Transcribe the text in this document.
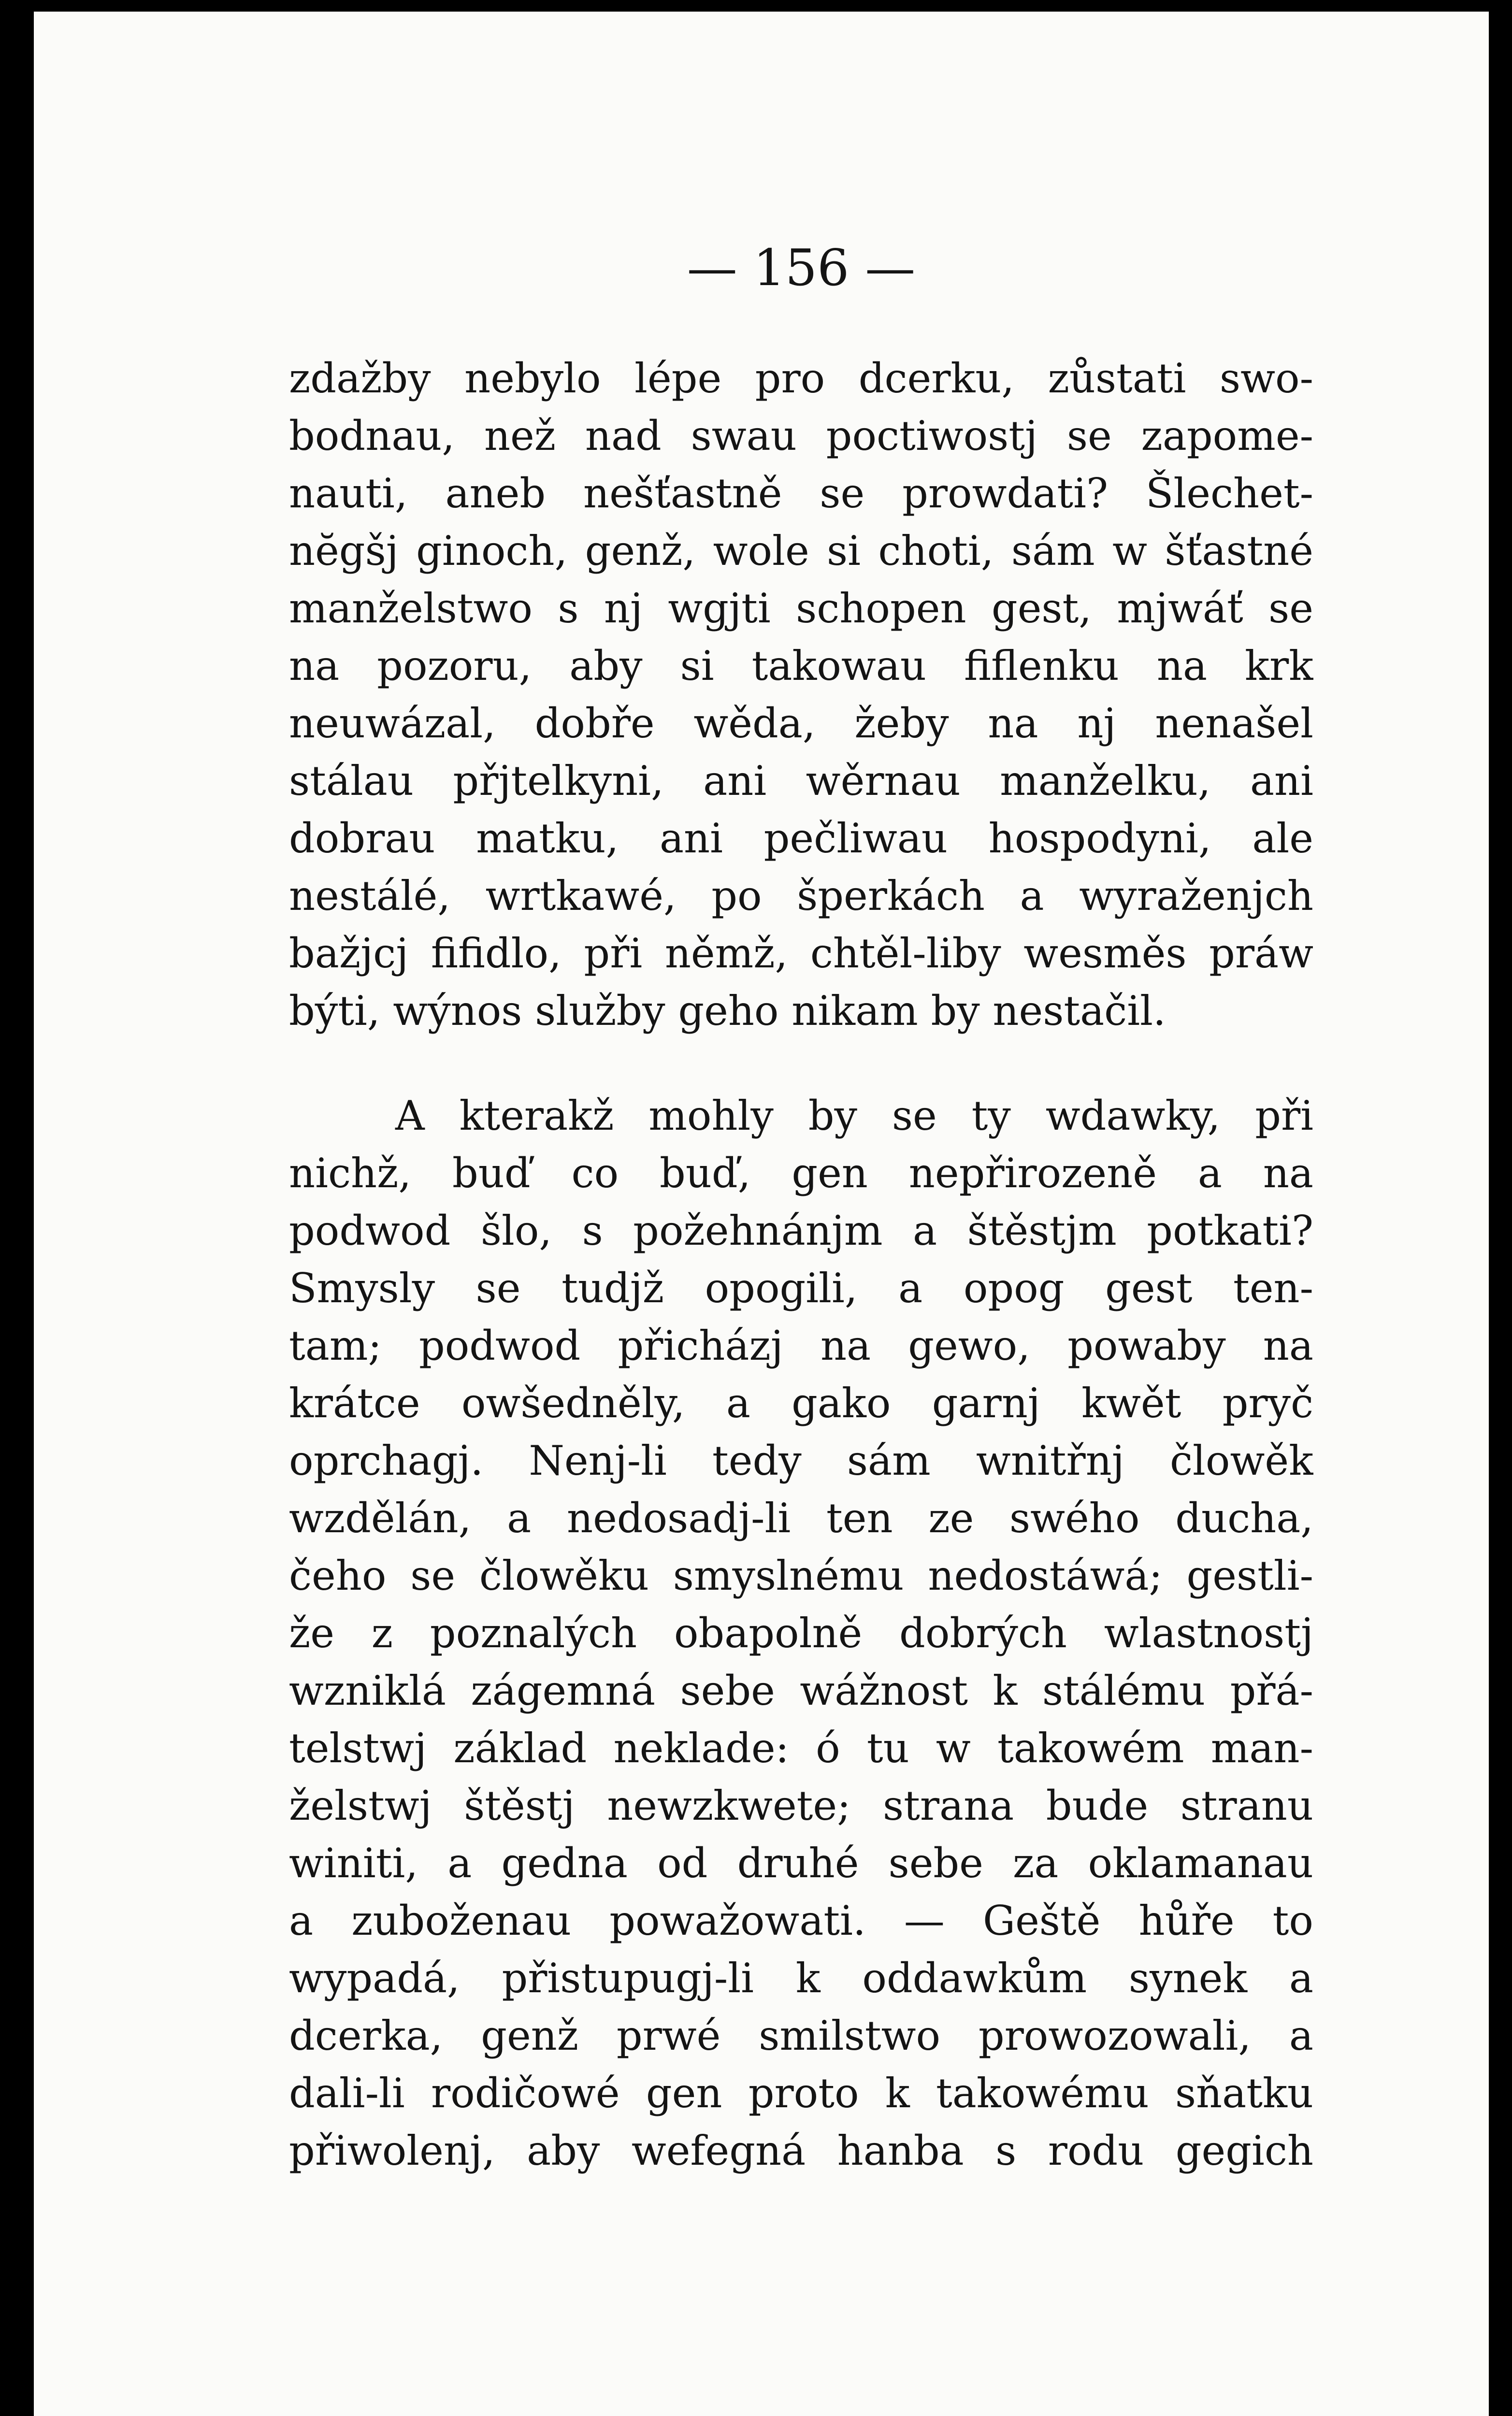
— 156 —
zdažby nebylo lépe pro dcerku, zůstati swo-
bodnau, než nad swau poctiwostj se zapome-
nauti, aneb nešťastně se prowdati? Šlechet-
nĕgšj ginoch, genž, wole si choti, sám w šťastné
manželstwo s nj wgjti schopen gest, mjwáť se
na pozoru, aby si takowau fiflenku na krk
neuwázal, dobře wěda, žeby na nj nenašel
stálau přjtelkyni, ani wěrnau manželku, ani
dobrau matku, ani pečliwau hospodyni, ale
nestálé, wrtkawé, po šperkách a wyraženjch
bažjcj fifidlo, při němž, chtěl-liby wesměs práw
býti, wýnos služby geho nikam by nestačil.
A kterakž mohly by se ty wdawky, při
nichž, buď co buď, gen nepřirozeně a na
podwod šlo, s požehnánjm a štěstjm potkati?
Smysly se tudjž opogili, a opog gest ten-
tam; podwod přicházj na gewo, powaby na
krátce owšedněly, a gako garnj kwět pryč
oprchagj. Nenj-li tedy sám wnitřnj člowěk
wzdělán, a nedosadj-li ten ze swého ducha,
čeho se člowěku smyslnému nedostáwá; gestli-
že z poznalých obapolně dobrých wlastnostj
wzniklá zágemná sebe wážnost k stálému přá-
telstwj základ neklade: ó tu w takowém man-
želstwj štěstj newzkwete; strana bude stranu
winiti, a gedna od druhé sebe za oklamanau
a zuboženau powažowati. — Geště hůře to
wypadá, přistupugj-li k oddawkům synek a
dcerka, genž prwé smilstwo prowozowali, a
dali-li rodičowé gen proto k takowému sňatku
přiwolenj, aby wefegná hanba s rodu gegich
